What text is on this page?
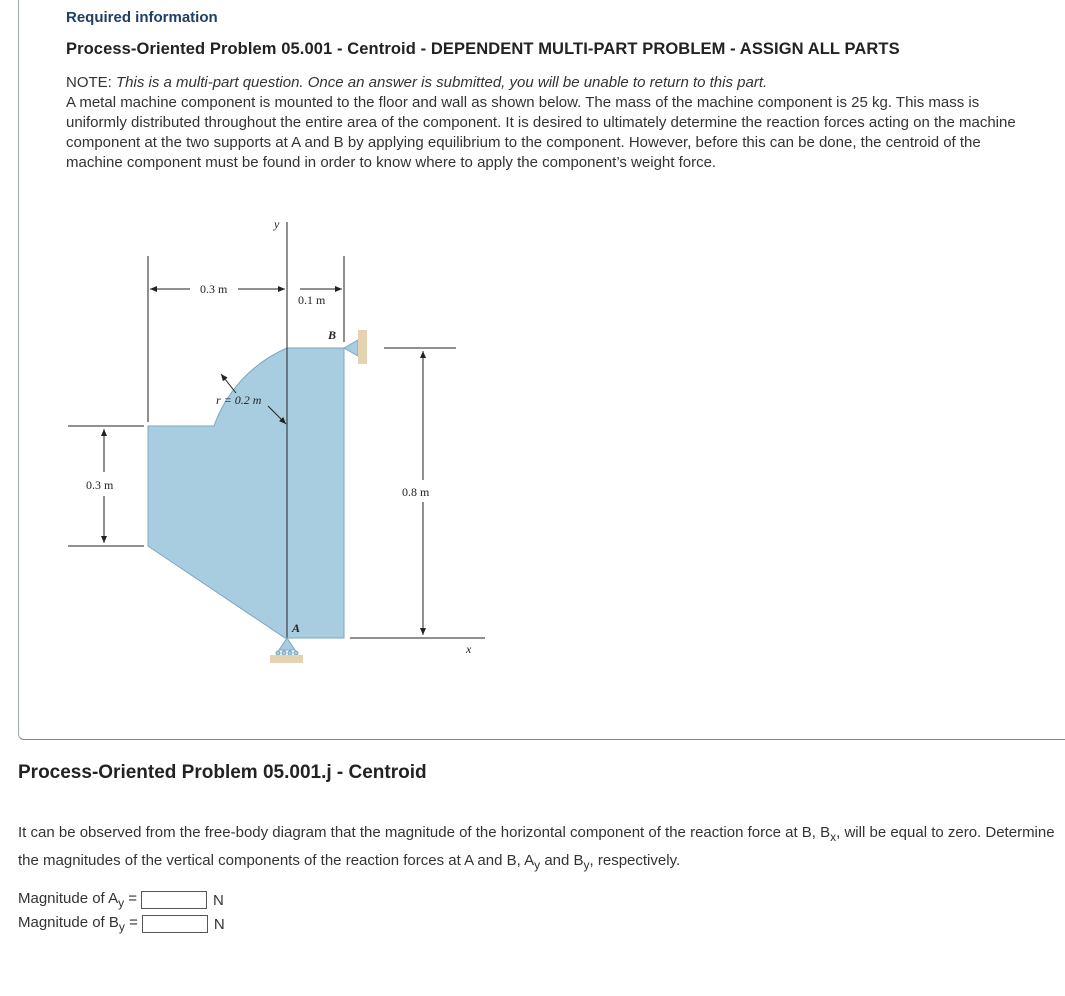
Required information
Process-Oriented Problem 05.001 - Centroid - DEPENDENT MULTI-PART PROBLEM - ASSIGN ALL PARTS
NOTE: This is a multi-part question. Once an answer is submitted, you will be unable to return to this part.
A metal machine component is mounted to the floor and wall as shown below. The mass of the machine component is 25 kg. This mass is uniformly distributed throughout the entire area of the component. It is desired to ultimately determine the reaction forces acting on the machine component at the two supports at A and B by applying equilibrium to the component. However, before this can be done, the centroid of the machine component must be found in order to know where to apply the component’s weight force.
y
x
0.3 m
0.1 m
r = 0.2 m
0.3 m	0.8 m
B
A
Process-Oriented Problem 05.001.j - Centroid
It can be observed from the free-body diagram that the magnitude of the horizontal component of the reaction force at B, $B_x$, will be equal to zero. Determine the magnitudes of the vertical components of the reaction forces at A and B, $A_y$ and $B_y$, respectively.
Magnitude of $A_y$ =	N
Magnitude of $B_y$ =	N
